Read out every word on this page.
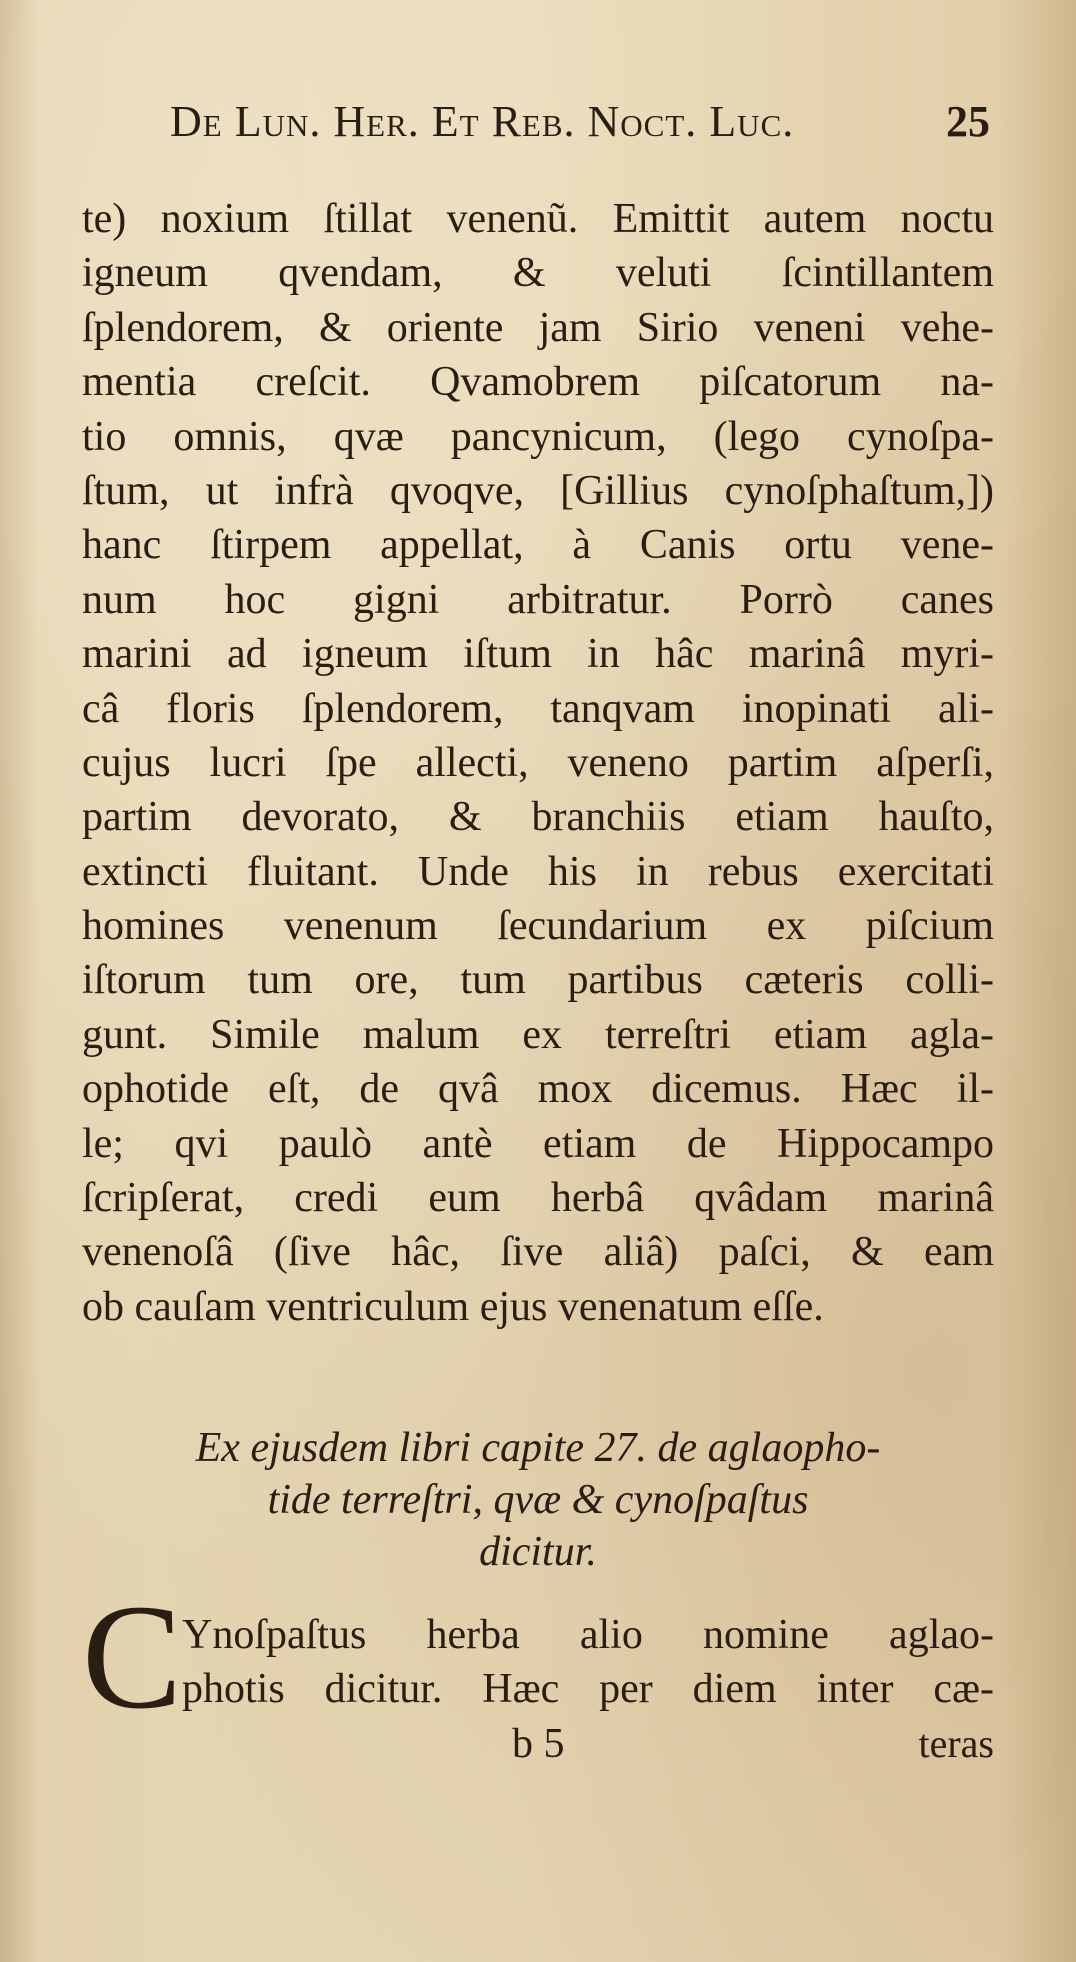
De Lun. Her. Et Reb. Noct. Luc.	25
te) noxium ſtillat venenũ. Emittit autem noctu
igneum qvendam, & veluti ſcintillantem
ſplendorem, & oriente jam Sirio veneni vehe-
mentia creſcit. Qvamobrem piſcatorum na-
tio omnis, qvæ pancynicum, (lego cynoſpa-
ſtum, ut infrà qvoqve, [Gillius cynoſphaſtum,])
hanc ſtirpem appellat, à Canis ortu vene-
num hoc gigni arbitratur. Porrò canes
marini ad igneum iſtum in hâc marinâ myri-
câ floris ſplendorem, tanqvam inopinati ali-
cujus lucri ſpe allecti, veneno partim aſperſi,
partim devorato, & branchiis etiam hauſto,
extincti fluitant. Unde his in rebus exercitati
homines venenum ſecundarium ex piſcium
iſtorum tum ore, tum partibus cæteris colli-
gunt. Simile malum ex terreſtri etiam agla-
ophotide eſt, de qvâ mox dicemus. Hæc il-
le; qvi paulò antè etiam de Hippocampo
ſcripſerat, credi eum herbâ qvâdam marinâ
venenoſâ (ſive hâc, ſive aliâ) paſci, & eam
ob cauſam ventriculum ejus venenatum eſſe.
Ex ejusdem libri capite 27. de aglaopho-
tide terreſtri, qvæ & cynoſpaſtus
dicitur.
C Ynoſpaſtus herba alio nomine aglao-
photis dicitur. Hæc per diem inter cæ-
b 5	teras
